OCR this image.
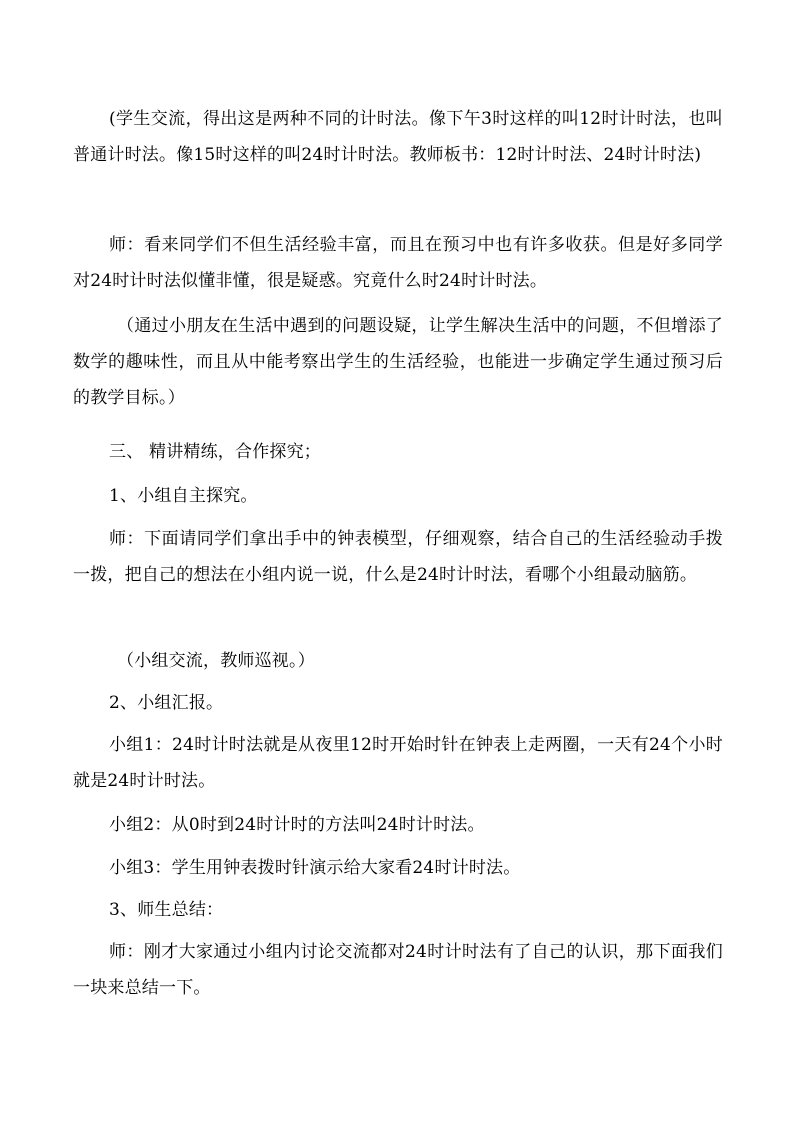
(学生交流，得出这是两种不同的计时法。像下午3时这样的叫12时计时法，也叫普通计时法。像15时这样的叫24时计时法。教师板书：12时计时法、24时计时法)

师：看来同学们不但生活经验丰富，而且在预习中也有许多收获。但是好多同学对24时计时法似懂非懂，很是疑惑。究竟什么时24时计时法。

（通过小朋友在生活中遇到的问题设疑，让学生解决生活中的问题，不但增添了数学的趣味性，而且从中能考察出学生的生活经验，也能进一步确定学生通过预习后的教学目标。）

三、 精讲精练，合作探究；

1、小组自主探究。

师：下面请同学们拿出手中的钟表模型，仔细观察，结合自己的生活经验动手拨一拨，把自己的想法在小组内说一说，什么是24时计时法，看哪个小组最动脑筋。

（小组交流，教师巡视。）

2、小组汇报。

小组1：24时计时法就是从夜里12时开始时针在钟表上走两圈，一天有24个小时就是24时计时法。

小组2：从0时到24时计时的方法叫24时计时法。

小组3：学生用钟表拨时针演示给大家看24时计时法。

3、师生总结：

师：刚才大家通过小组内讨论交流都对24时计时法有了自己的认识，那下面我们一块来总结一下。
